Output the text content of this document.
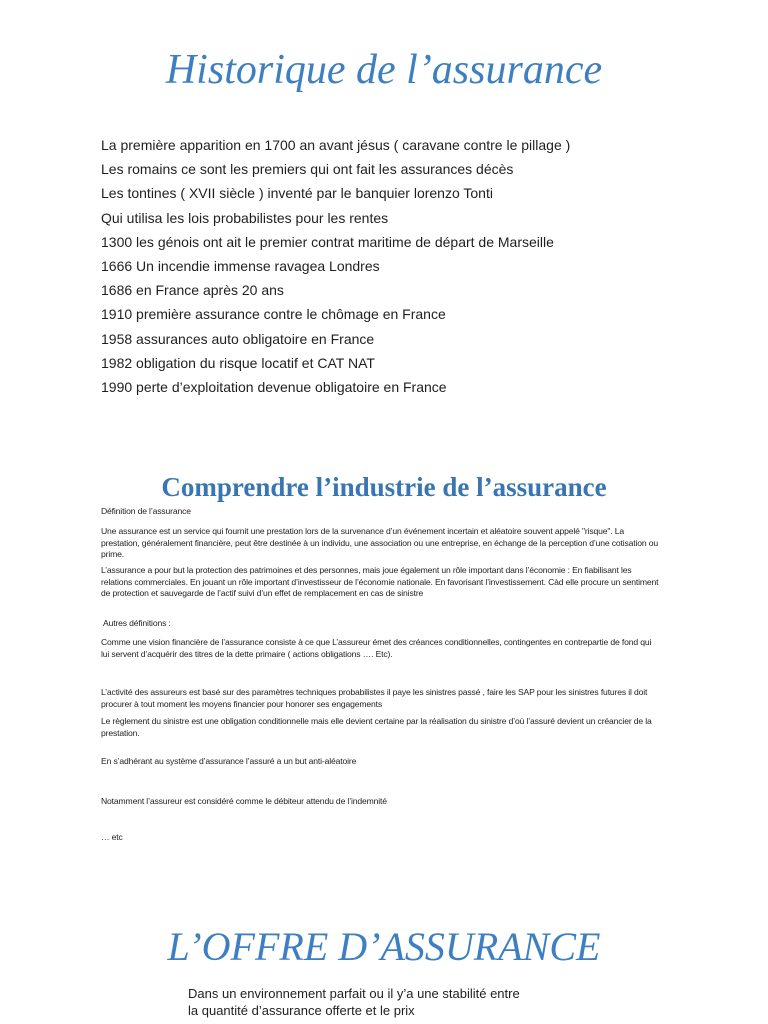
Historique de l’assurance
La première apparition en 1700 an avant jésus ( caravane contre le pillage )
Les romains ce sont les premiers qui ont fait les assurances décès
Les tontines ( XVII siècle ) inventé par le banquier lorenzo Tonti
Qui utilisa les lois probabilistes pour les rentes
1300 les génois ont ait le premier contrat maritime de départ de Marseille
1666 Un incendie immense ravagea Londres
1686 en France après 20 ans
1910 première assurance contre le chômage en France
1958 assurances auto obligatoire en France
1982 obligation du risque locatif et CAT NAT
1990 perte d’exploitation devenue obligatoire en France
Comprendre l’industrie de l’assurance

Définition de l’assurance

Une assurance est un service qui fournit une prestation lors de la survenance d’un événement incertain et aléatoire souvent appelé "risque". La prestation, généralement financière, peut être destinée à un individu, une association ou une entreprise, en échange de la perception d’une cotisation ou prime.

L’assurance a pour but la protection des patrimoines et des personnes, mais joue également un rôle important dans l’économie : En fiabilisant les relations commerciales. En jouant un rôle important d’investisseur de l’économie nationale. En favorisant l’investissement. Càd elle procure un sentiment de protection et sauvegarde de l’actif suivi d’un effet de remplacement en cas de sinistre

Autres définitions :

Comme une vision financière de l’assurance consiste à ce que L’assureur émet des créances conditionnelles, contingentes en contrepartie de fond qui lui servent d’acquérir des titres de la dette primaire ( actions obligations …. Etc).

L’activité des assureurs est basé sur des paramètres techniques probabilistes il paye les sinistres passé , faire les SAP pour les sinistres futures il doit procurer à tout moment les moyens financier pour honorer ses engagements

Le règlement du sinistre est une obligation conditionnelle mais elle devient certaine par la réalisation du sinistre d’où l’assuré devient un créancier de la prestation.

En s’adhérant au système d’assurance l’assuré a un but anti-aléatoire

Notamment l’assureur est considéré comme le débiteur attendu de l’indemnité

… etc

L’OFFRE D’ASSURANCE

Dans un environnement parfait ou il y’a une stabilité entre
la quantité d’assurance offerte et le prix
